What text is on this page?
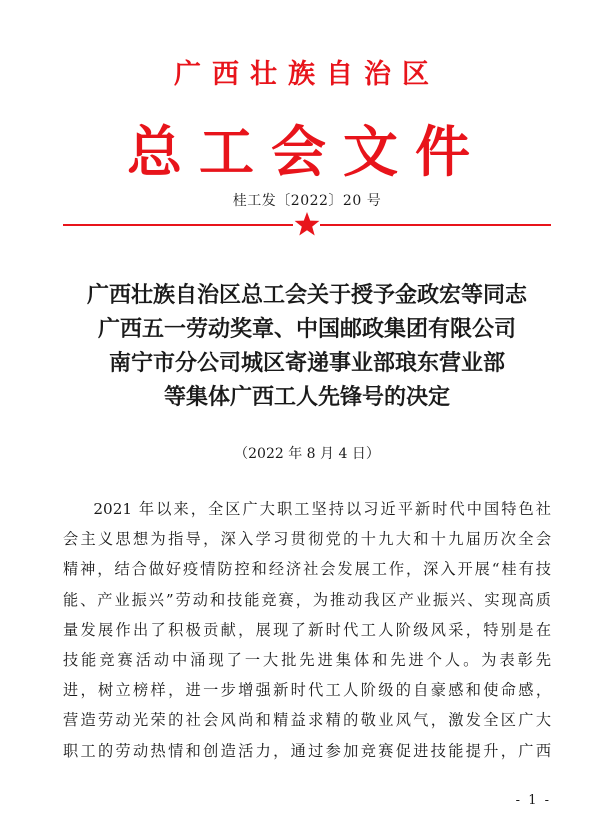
广西壮族自治区
总工会文件
桂工发〔2022〕20 号
广西壮族自治区总工会关于授予金政宏等同志
广西五一劳动奖章、中国邮政集团有限公司
南宁市分公司城区寄递事业部琅东营业部
等集体广西工人先锋号的决定
（2022 年 8 月 4 日）
2021 年以来，全区广大职工坚持以习近平新时代中国特色社
会主义思想为指导，深入学习贯彻党的十九大和十九届历次全会
精神，结合做好疫情防控和经济社会发展工作，深入开展“桂有技
能、产业振兴”劳动和技能竞赛，为推动我区产业振兴、实现高质
量发展作出了积极贡献，展现了新时代工人阶级风采，特别是在
技能竞赛活动中涌现了一大批先进集体和先进个人。为表彰先
进，树立榜样，进一步增强新时代工人阶级的自豪感和使命感，
营造劳动光荣的社会风尚和精益求精的敬业风气，激发全区广大
职工的劳动热情和创造活力，通过参加竞赛促进技能提升，广西
- 1 -
